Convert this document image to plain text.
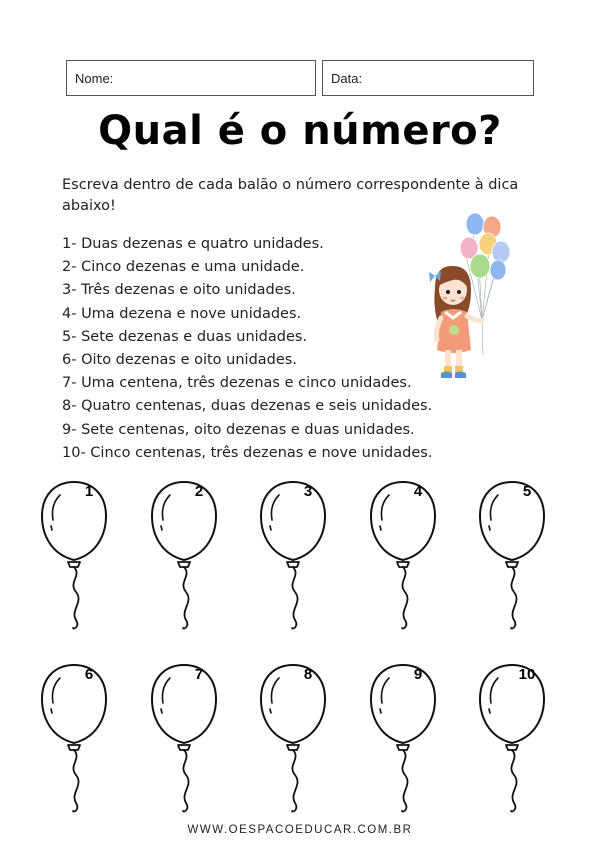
Nome:	Data:
Qual é o número?
Escreva dentro de cada balão o número correspondente à dica abaixo!
1- Duas dezenas e quatro unidades.
2- Cinco dezenas e uma unidade.
3- Três dezenas e oito unidades.
4- Uma dezena e nove unidades.
5- Sete dezenas e duas unidades.
6- Oito dezenas e oito unidades.
7- Uma centena, três dezenas e cinco unidades.
8- Quatro centenas, duas dezenas e seis unidades.
9- Sete centenas, oito dezenas e duas unidades.
10- Cinco centenas, três dezenas e nove unidades.
1	2	3	4	5
6	7	8	9	10
WWW.OESPACOEDUCAR.COM.BR
